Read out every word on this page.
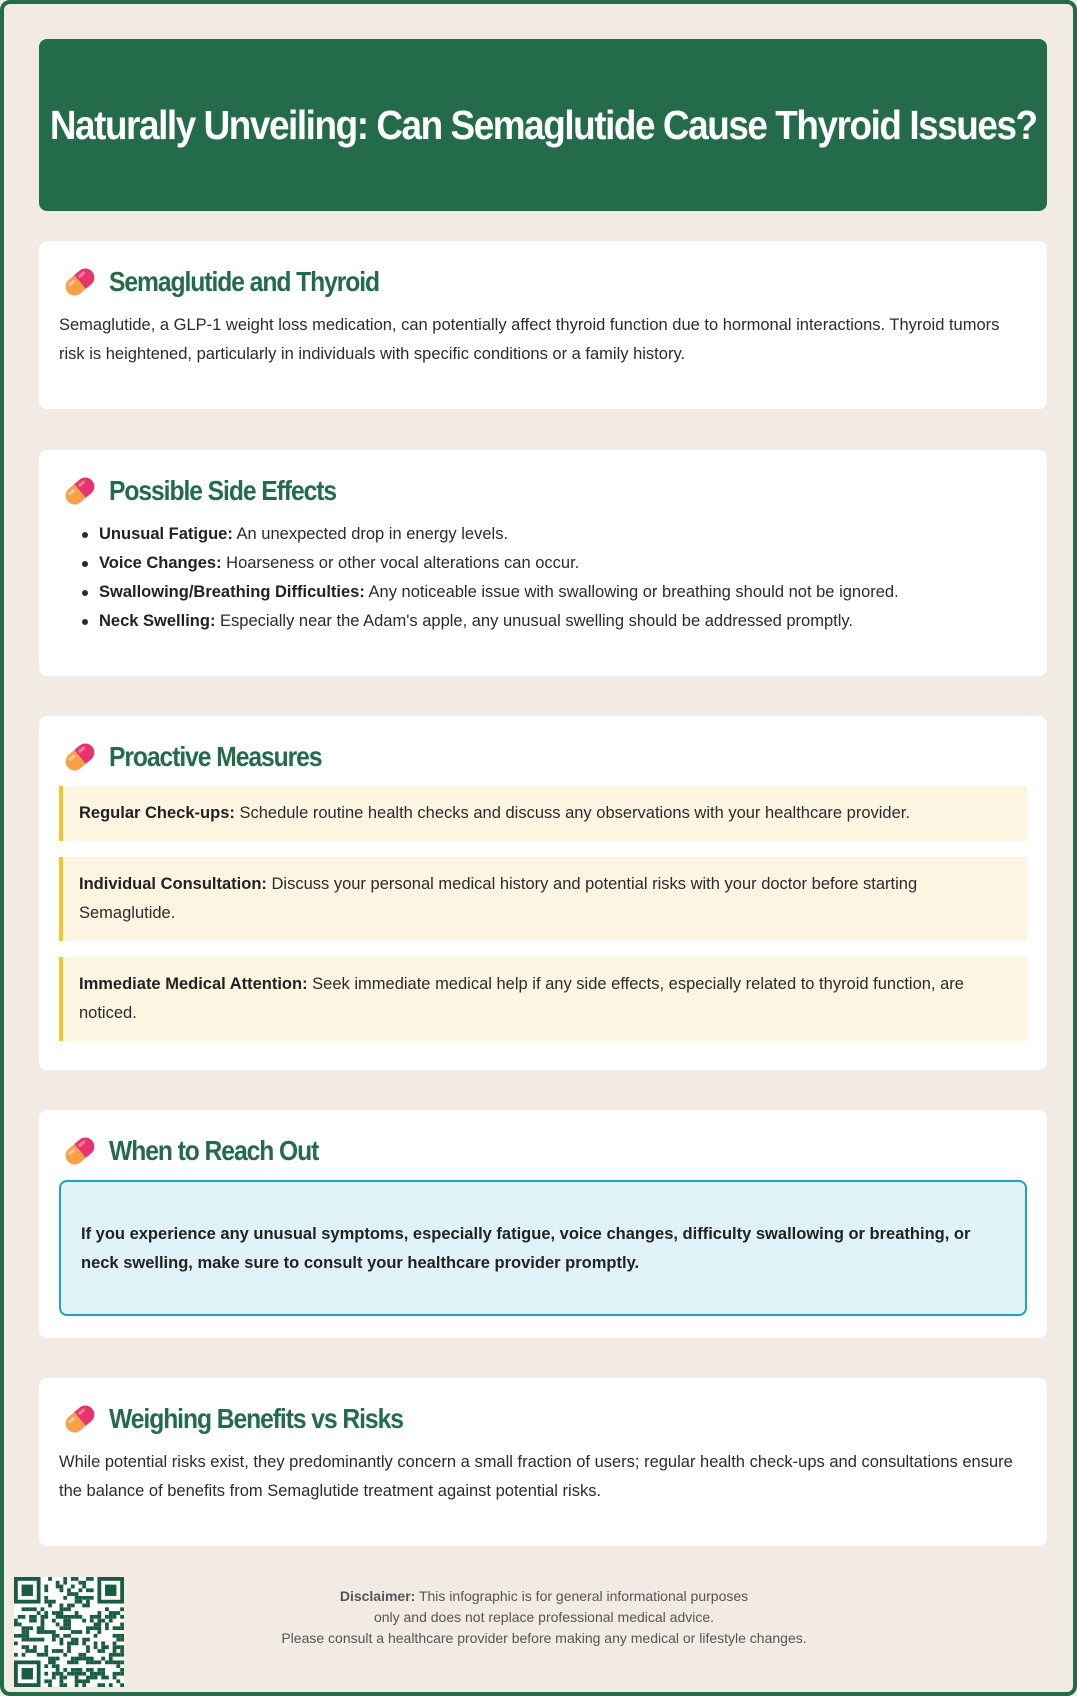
Naturally Unveiling: Can Semaglutide Cause Thyroid Issues?
Semaglutide and Thyroid

Semaglutide, a GLP-1 weight loss medication, can potentially affect thyroid function due to hormonal interactions. Thyroid tumors risk is heightened, particularly in individuals with specific conditions or a family history.

Possible Side Effects
Unusual Fatigue: An unexpected drop in energy levels.
Voice Changes: Hoarseness or other vocal alterations can occur.
Swallowing/Breathing Difficulties: Any noticeable issue with swallowing or breathing should not be ignored.
Neck Swelling: Especially near the Adam's apple, any unusual swelling should be addressed promptly.
Proactive Measures
Regular Check-ups: Schedule routine health checks and discuss any observations with your healthcare provider.
Individual Consultation: Discuss your personal medical history and potential risks with your doctor before starting Semaglutide.
Immediate Medical Attention: Seek immediate medical help if any side effects, especially related to thyroid function, are noticed.
When to Reach Out
If you experience any unusual symptoms, especially fatigue, voice changes, difficulty swallowing or breathing, or neck swelling, make sure to consult your healthcare provider promptly.
Weighing Benefits vs Risks

While potential risks exist, they predominantly concern a small fraction of users; regular health check-ups and consultations ensure the balance of benefits from Semaglutide treatment against potential risks.

Disclaimer: This infographic is for general informational purposes
only and does not replace professional medical advice.
Please consult a healthcare provider before making any medical or lifestyle changes.
